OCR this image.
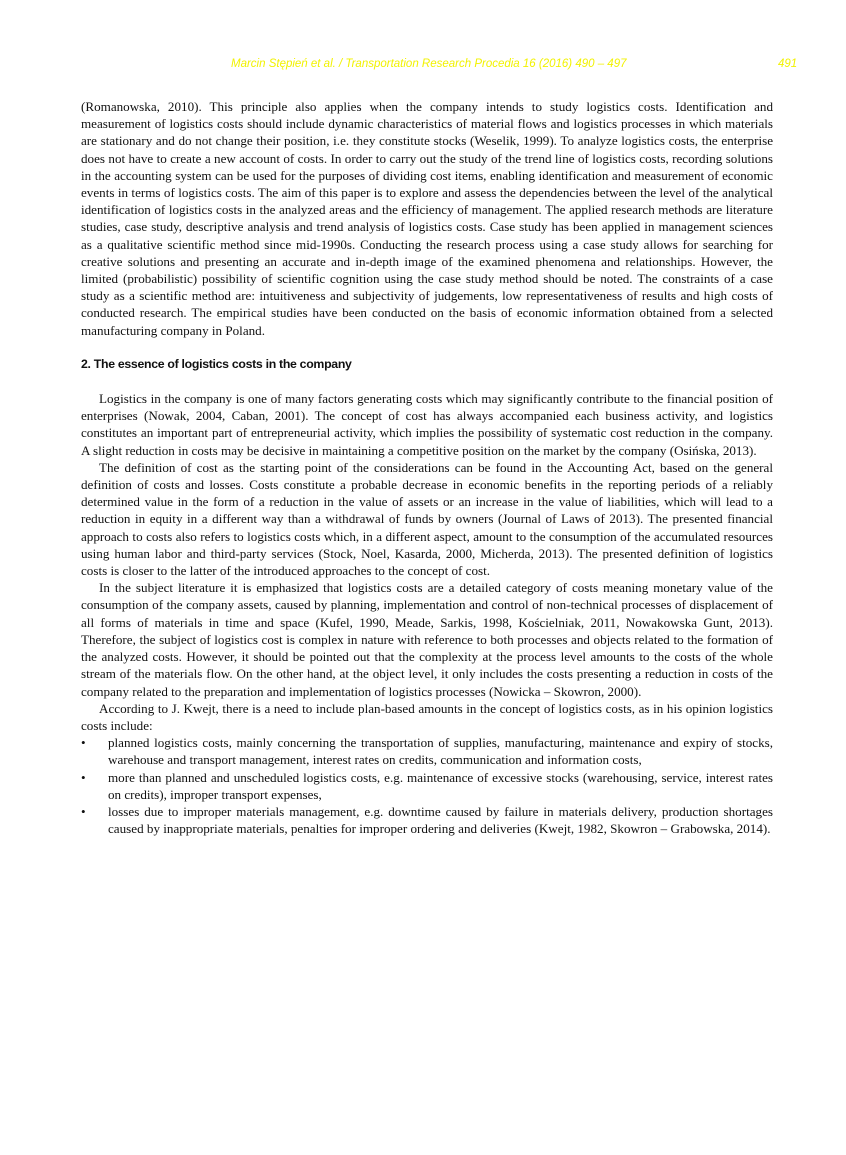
Marcin Stępień et al. / Transportation Research Procedia 16 (2016) 490 – 497	491

(Romanowska, 2010). This principle also applies when the company intends to study logistics costs. Identification and measurement of logistics costs should include dynamic characteristics of material flows and logistics processes in which materials are stationary and do not change their position, i.e. they constitute stocks (Weselik, 1999). To analyze logistics costs, the enterprise does not have to create a new account of costs. In order to carry out the study of the trend line of logistics costs, recording solutions in the accounting system can be used for the purposes of dividing cost items, enabling identification and measurement of economic events in terms of logistics costs. The aim of this paper is to explore and assess the dependencies between the level of the analytical identification of logistics costs in the analyzed areas and the efficiency of management. The applied research methods are literature studies, case study, descriptive analysis and trend analysis of logistics costs. Case study has been applied in management sciences as a qualitative scientific method since mid-1990s. Conducting the research process using a case study allows for searching for creative solutions and presenting an accurate and in-depth image of the examined phenomena and relationships. However, the limited (probabilistic) possibility of scientific cognition using the case study method should be noted. The constraints of a case study as a scientific method are: intuitiveness and subjectivity of judgements, low representativeness of results and high costs of conducted research. The empirical studies have been conducted on the basis of economic information obtained from a selected manufacturing company in Poland.

2. The essence of logistics costs in the company

Logistics in the company is one of many factors generating costs which may significantly contribute to the financial position of enterprises (Nowak, 2004, Caban, 2001). The concept of cost has always accompanied each business activity, and logistics constitutes an important part of entrepreneurial activity, which implies the possibility of systematic cost reduction in the company. A slight reduction in costs may be decisive in maintaining a competitive position on the market by the company (Osińska, 2013).

The definition of cost as the starting point of the considerations can be found in the Accounting Act, based on the general definition of costs and losses. Costs constitute a probable decrease in economic benefits in the reporting periods of a reliably determined value in the form of a reduction in the value of assets or an increase in the value of liabilities, which will lead to a reduction in equity in a different way than a withdrawal of funds by owners (Journal of Laws of 2013). The presented financial approach to costs also refers to logistics costs which, in a different aspect, amount to the consumption of the accumulated resources using human labor and third-party services (Stock, Noel, Kasarda, 2000, Micherda, 2013). The presented definition of logistics costs is closer to the latter of the introduced approaches to the concept of cost.

In the subject literature it is emphasized that logistics costs are a detailed category of costs meaning monetary value of the consumption of the company assets, caused by planning, implementation and control of non-technical processes of displacement of all forms of materials in time and space (Kufel, 1990, Meade, Sarkis, 1998, Kościelniak, 2011, Nowakowska Gunt, 2013). Therefore, the subject of logistics cost is complex in nature with reference to both processes and objects related to the formation of the analyzed costs. However, it should be pointed out that the complexity at the process level amounts to the costs of the whole stream of the materials flow. On the other hand, at the object level, it only includes the costs presenting a reduction in costs of the company related to the preparation and implementation of logistics processes (Nowicka – Skowron, 2000).

According to J. Kwejt, there is a need to include plan-based amounts in the concept of logistics costs, as in his opinion logistics costs include:

• planned logistics costs, mainly concerning the transportation of supplies, manufacturing, maintenance and expiry of stocks, warehouse and transport management, interest rates on credits, communication and information costs,
• more than planned and unscheduled logistics costs, e.g. maintenance of excessive stocks (warehousing, service, interest rates on credits), improper transport expenses,
• losses due to improper materials management, e.g. downtime caused by failure in materials delivery, production shortages caused by inappropriate materials, penalties for improper ordering and deliveries (Kwejt, 1982, Skowron – Grabowska, 2014).
